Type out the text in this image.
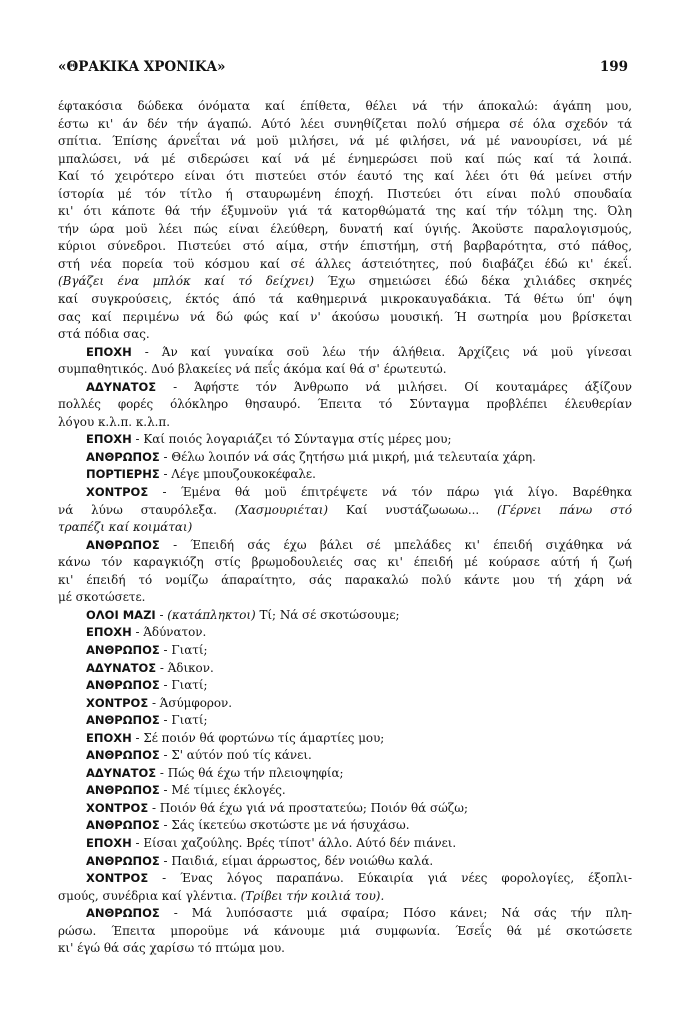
«ΘΡΑΚΙΚΑ ΧΡΟΝΙΚΑ»	199
έφτακόσια δώδεκα όνόματα καί έπίθετα, θέλει νά τήν άποκαλώ: άγάπη μου,
έστω κι' άν δέν τήν άγαπώ. Αύτό λέει συνηθίζεται πολύ σήμερα σέ όλα σχεδόν τά
σπίτια. Έπίσης άρνεΐται νά μοϋ μιλήσει, νά μέ φιλήσει, νά μέ νανουρίσει, νά μέ
μπαλώσει, νά μέ σιδερώσει καί νά μέ ένημερώσει ποϋ καί πώς καί τά λοιπά.
Καί τό χειρότερο είναι ότι πιστεύει στόν έαυτό της καί λέει ότι θά μείνει στήν
ίστορία μέ τόν τίτλο ή σταυρωμένη έποχή. Πιστεύει ότι είναι πολύ σπουδαία
κι' ότι κάποτε θά τήν έξυμνοϋν γιά τά κατορθώματά της καί τήν τόλμη της. Όλη
τήν ώρα μοϋ λέει πώς είναι έλεύθερη, δυνατή καί ύγιής. Άκοϋστε παραλογισμούς,
κύριοι σύνεδροι. Πιστεύει στό αίμα, στήν έπιστήμη, στή βαρβαρότητα, στό πάθος,
στή νέα πορεία τοϋ κόσμου καί σέ άλλες άστειότητες, πού διαβάζει έδώ κι' έκεΐ.
(Βγάζει ένα μπλόκ καί τό δείχνει) Έχω σημειώσει έδώ δέκα χιλιάδες σκηνές
καί συγκρούσεις, έκτός άπό τά καθημερινά μικροκαυγαδάκια. Τά θέτω ύπ' όψη
σας καί περιμένω νά δώ φώς καί ν' άκούσω μουσική. Ή σωτηρία μου βρίσκεται
στά πόδια σας.
ΕΠΟΧΗ - Άν καί γυναίκα σοϋ λέω τήν άλήθεια. Άρχίζεις νά μοϋ γίνεσαι
συμπαθητικός. Δυό βλακείες νά πεΐς άκόμα καί θά σ' έρωτευτώ.
ΑΔΥΝΑΤΟΣ - Άφήστε τόν Άνθρωπο νά μιλήσει. Οί κουταμάρες άξίζουν
πολλές φορές όλόκληρο θησαυρό. Έπειτα τό Σύνταγμα προβλέπει έλευθερίαν
λόγου κ.λ.π. κ.λ.π.
ΕΠΟΧΗ - Καί ποιός λογαριάζει τό Σύνταγμα στίς μέρες μου;
ΑΝΘΡΩΠΟΣ - Θέλω λοιπόν νά σάς ζητήσω μιά μικρή, μιά τελευταία χάρη.
ΠΟΡΤΙΕΡΗΣ - Λέγε μπουζουκοκέφαλε.
ΧΟΝΤΡΟΣ - Έμένα θά μοϋ έπιτρέψετε νά τόν πάρω γιά λίγο. Βαρέθηκα
νά λύνω σταυρόλεξα. (Χασμουριέται) Καί νυστάζωωωω... (Γέρνει πάνω στό
τραπέζι καί κοιμάται)
ΑΝΘΡΩΠΟΣ - Έπειδή σάς έχω βάλει σέ μπελάδες κι' έπειδή σιχάθηκα νά
κάνω τόν καραγκιόζη στίς βρωμοδουλειές σας κι' έπειδή μέ κούρασε αύτή ή ζωή
κι' έπειδή τό νομίζω άπαραίτητο, σάς παρακαλώ πολύ κάντε μου τή χάρη νά
μέ σκοτώσετε.
ΟΛΟΙ ΜΑΖΙ - (κατάπληκτοι) Τί; Νά σέ σκοτώσουμε;
ΕΠΟΧΗ - Άδύνατον.
ΑΝΘΡΩΠΟΣ - Γιατί;
ΑΔΥΝΑΤΟΣ - Άδικον.
ΑΝΘΡΩΠΟΣ - Γιατί;
ΧΟΝΤΡΟΣ - Άσύμφορον.
ΑΝΘΡΩΠΟΣ - Γιατί;
ΕΠΟΧΗ - Σέ ποιόν θά φορτώνω τίς άμαρτίες μου;
ΑΝΘΡΩΠΟΣ - Σ' αύτόν πού τίς κάνει.
ΑΔΥΝΑΤΟΣ - Πώς θά έχω τήν πλειοψηφία;
ΑΝΘΡΩΠΟΣ - Μέ τίμιες έκλογές.
ΧΟΝΤΡΟΣ - Ποιόν θά έχω γιά νά προστατεύω; Ποιόν θά σώζω;
ΑΝΘΡΩΠΟΣ - Σάς ίκετεύω σκοτώστε με νά ήσυχάσω.
ΕΠΟΧΗ - Είσαι χαζούλης. Βρές τίποτ' άλλο. Αύτό δέν πιάνει.
ΑΝΘΡΩΠΟΣ - Παιδιά, είμαι άρρωστος, δέν νοιώθω καλά.
ΧΟΝΤΡΟΣ - Ένας λόγος παραπάνω. Εύκαιρία γιά νέες φορολογίες, έξοπλι-
σμούς, συνέδρια καί γλέντια. (Τρίβει τήν κοιλιά του).
ΑΝΘΡΩΠΟΣ - Μά λυπόσαστε μιά σφαίρα; Πόσο κάνει; Νά σάς τήν πλη-
ρώσω. Έπειτα μποροϋμε νά κάνουμε μιά συμφωνία. Έσεΐς θά μέ σκοτώσετε
κι' έγώ θά σάς χαρίσω τό πτώμα μου.
